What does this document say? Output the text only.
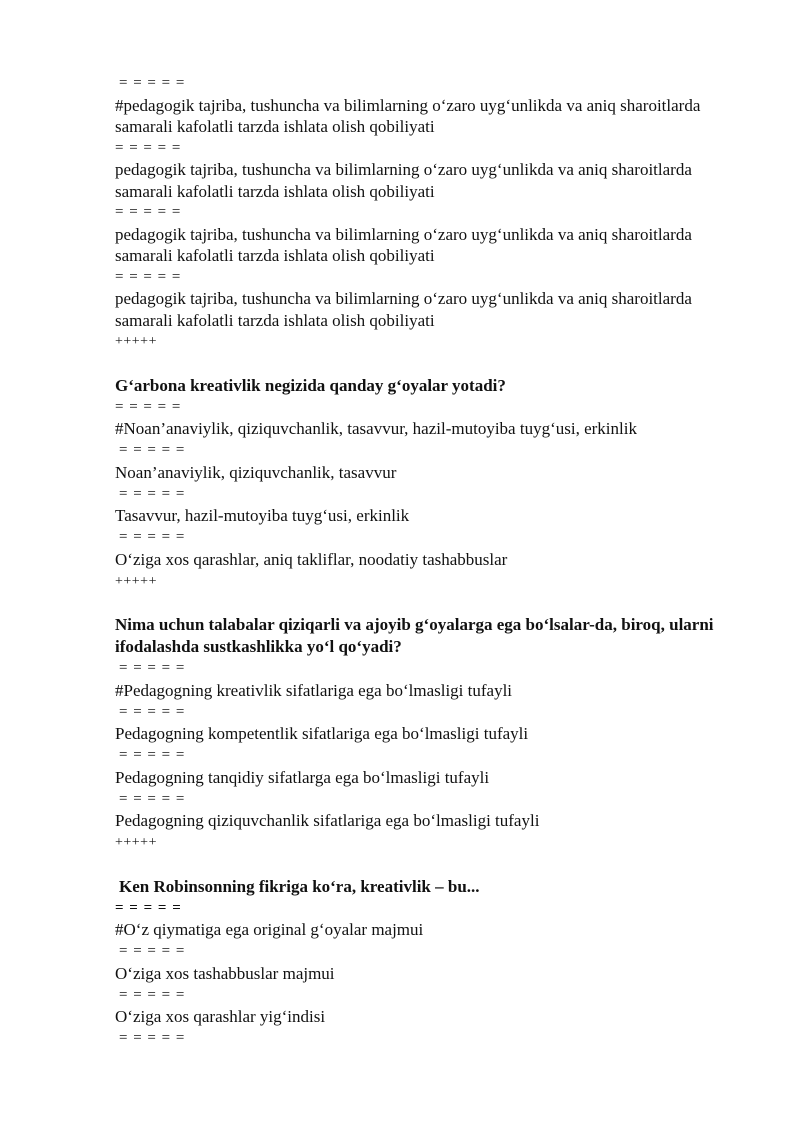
= = = = =
#pedagogik tajriba, tushuncha va bilimlarning o‘zaro uyg‘unlikda va aniq sharoitlarda samarali kafolatli tarzda ishlata olish qobiliyati
= = = = =
pedagogik tajriba, tushuncha va bilimlarning o‘zaro uyg‘unlikda va aniq sharoitlarda samarali kafolatli tarzda ishlata olish qobiliyati
= = = = =
pedagogik tajriba, tushuncha va bilimlarning o‘zaro uyg‘unlikda va aniq sharoitlarda samarali kafolatli tarzda ishlata olish qobiliyati
= = = = =
pedagogik tajriba, tushuncha va bilimlarning o‘zaro uyg‘unlikda va aniq sharoitlarda samarali kafolatli tarzda ishlata olish qobiliyati
+++++
G‘arbona kreativlik negizida qanday g‘oyalar yotadi?
= = = = =
#Noan’anaviylik, qiziquvchanlik, tasavvur, hazil-mutoyiba tuyg‘usi, erkinlik
= = = = =
Noan’anaviylik, qiziquvchanlik, tasavvur
= = = = =
Tasavvur, hazil-mutoyiba tuyg‘usi, erkinlik
= = = = =
O‘ziga xos qarashlar, aniq takliflar, noodatiy tashabbuslar
+++++
Nima uchun talabalar qiziqarli va ajoyib g‘oyalarga ega bo‘lsalar-da, biroq, ularni ifodalashda sustkashlikka yo‘l qo‘yadi?
= = = = =
#Pedagogning kreativlik sifatlariga ega bo‘lmasligi tufayli
= = = = =
Pedagogning kompetentlik sifatlariga ega bo‘lmasligi tufayli
= = = = =
Pedagogning tanqidiy sifatlarga ega bo‘lmasligi tufayli
= = = = =
Pedagogning qiziquvchanlik sifatlariga ega bo‘lmasligi tufayli
+++++
Ken Robinsonning fikriga ko‘ra, kreativlik – bu...
= = = = =
#O‘z qiymatiga ega original g‘oyalar majmui
= = = = =
O‘ziga xos tashabbuslar majmui
= = = = =
O‘ziga xos qarashlar yig‘indisi
= = = = =
